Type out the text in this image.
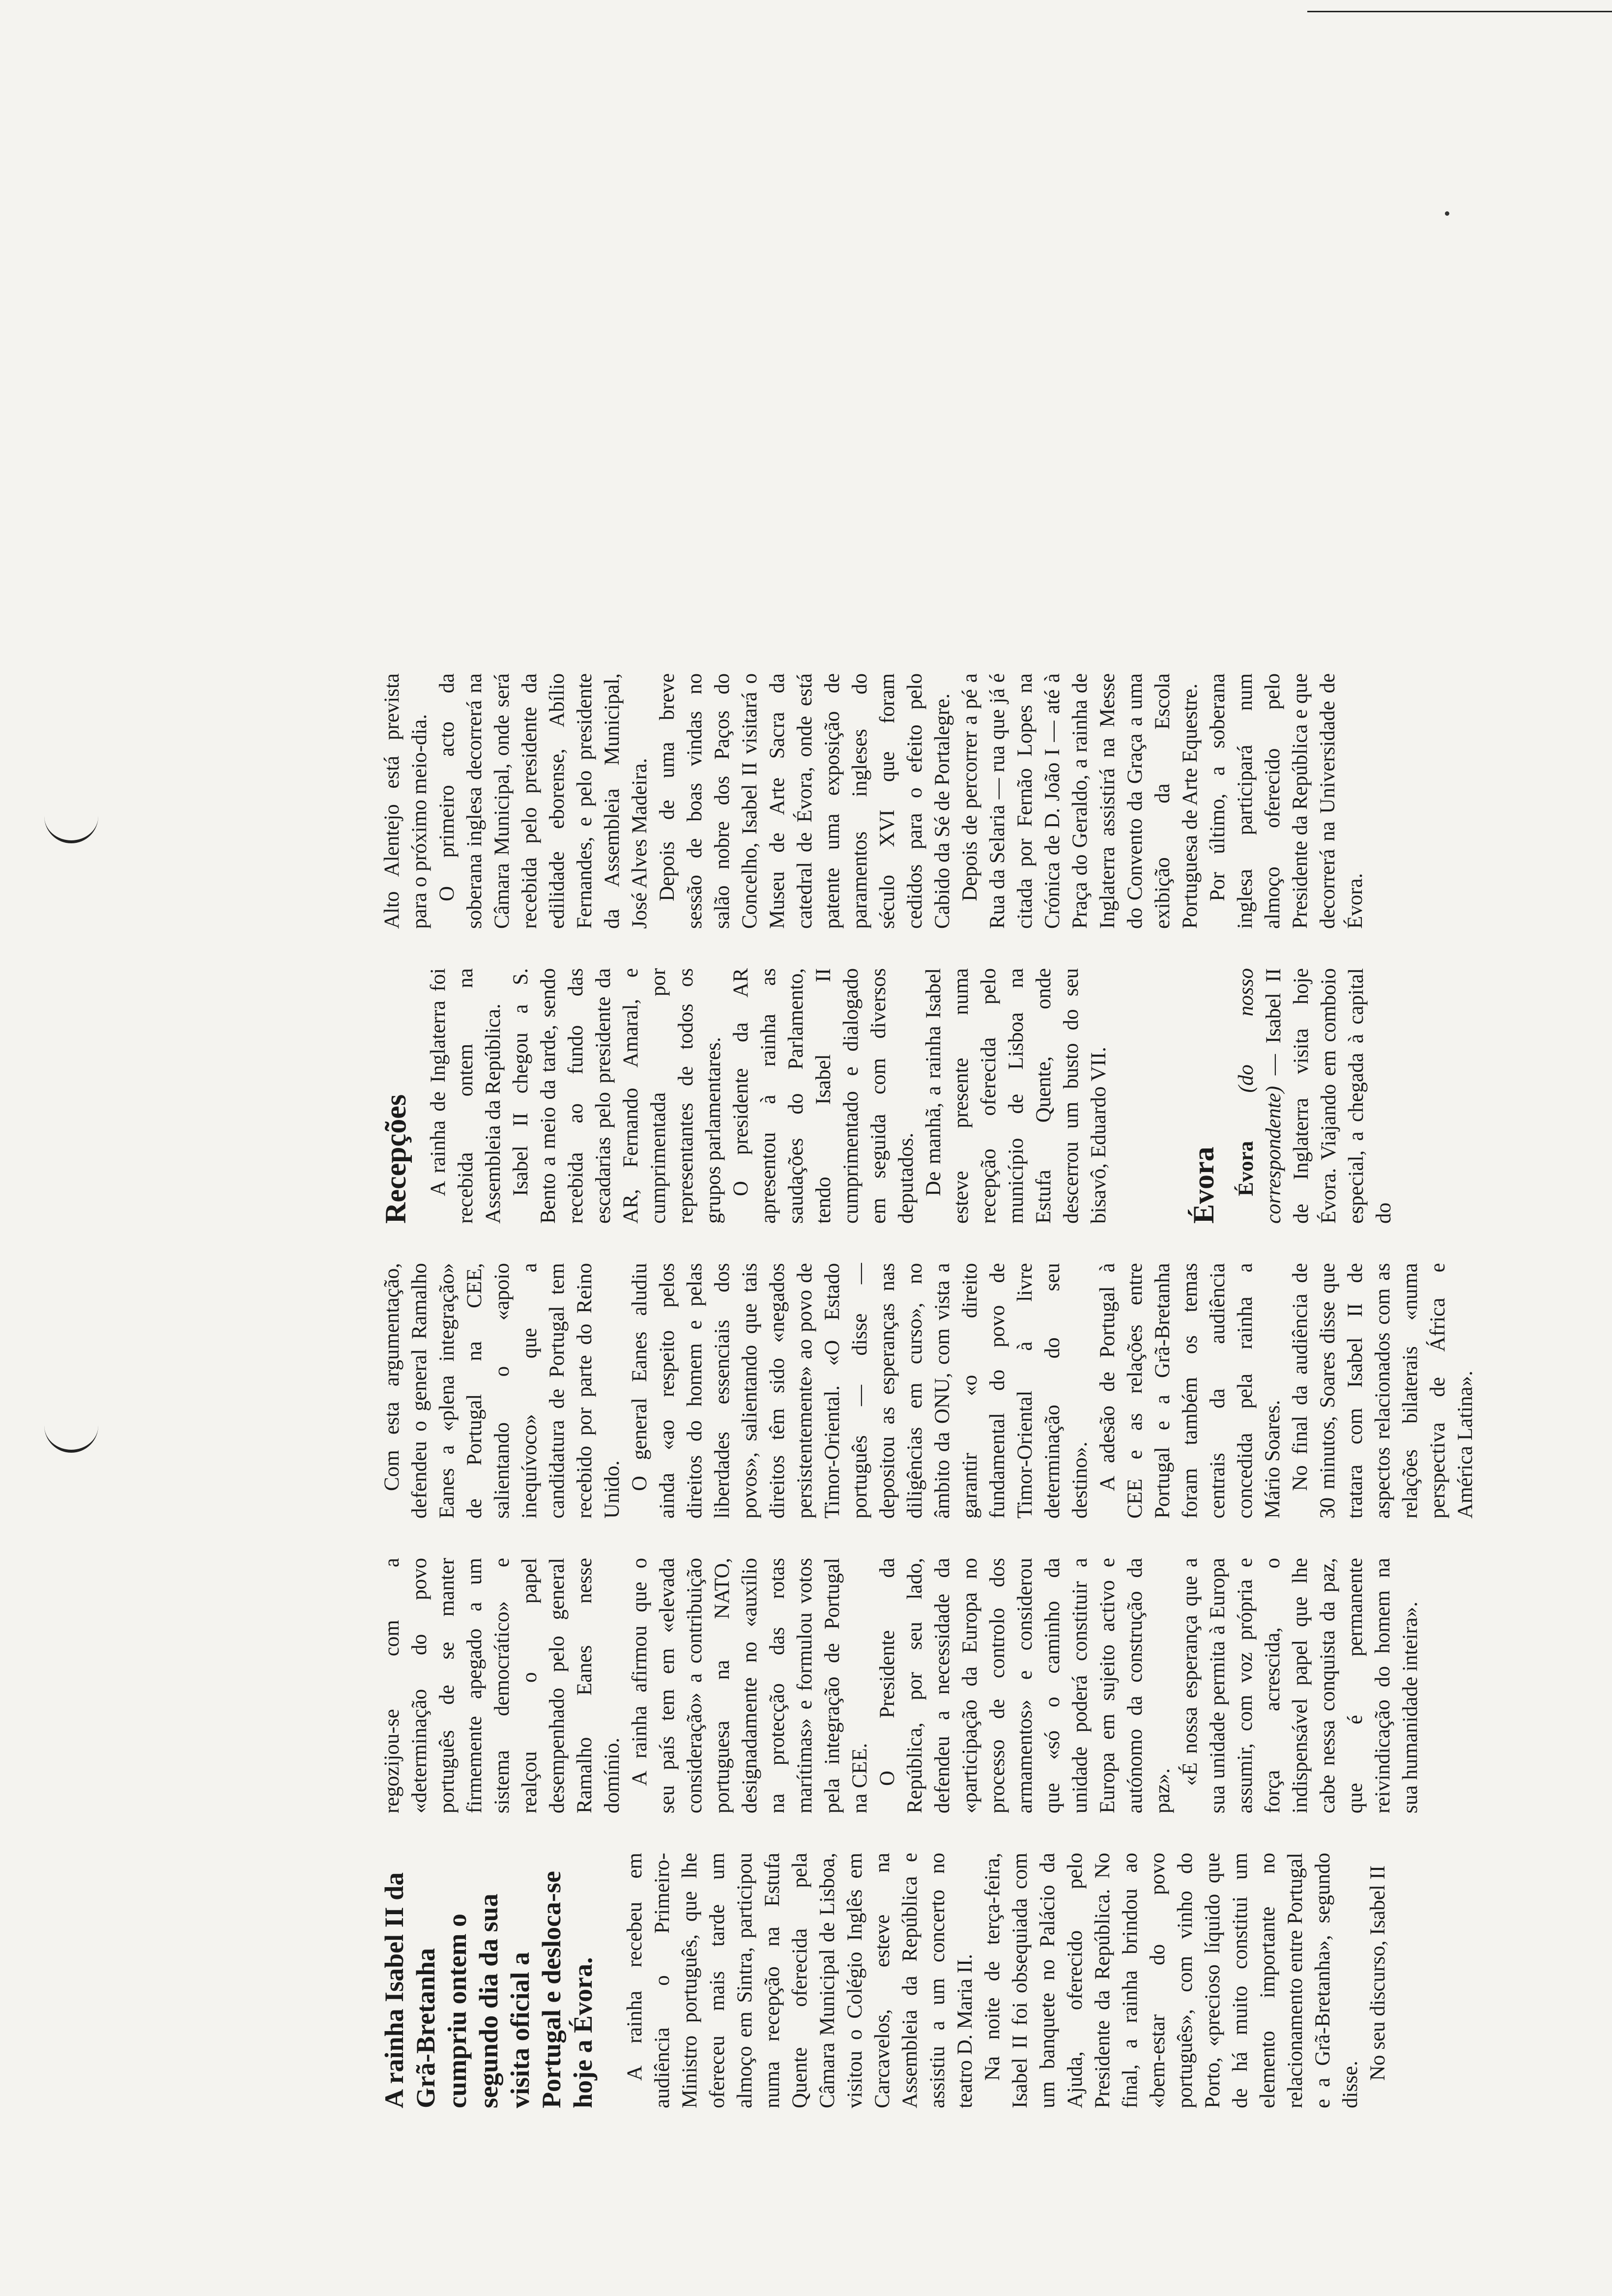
A rainha Isabel II da Grã-Bretanha cumpriu ontem o segundo dia da sua visita oficial a Portugal e desloca-se hoje a Évora. A rainha recebeu em audiência o Primeiro-Ministro português, que lhe ofereceu mais tarde um almoço em Sintra, participou numa recepção na Estufa Quente oferecida pela Câmara Municipal de Lisboa, visitou o Colégio Inglês em Carcavelos, esteve na Assembleia da República e assistiu a um concerto no teatro D. Maria II. Na noite de terça-feira, Isabel II foi obsequiada com um banquete no Palácio da Ajuda, oferecido pelo Presidente da República. No final, a rainha brindou ao «bem-estar do povo português», com vinho do Porto, «precioso líquido que de há muito constitui um elemento importante no relacionamento entre Portugal e a Grã-Bretanha», segundo disse.

No seu discurso, Isabel II

regozijou-se com a «determinação do povo português de se manter firmemente apegado a um sistema democrático» e realçou o papel desempenhado pelo general Ramalho Eanes nesse domínio. A rainha afirmou que o seu país tem em «elevada consideração» a contribuição portuguesa na NATO, designadamente no «auxílio na protecção das rotas marítimas» e formulou votos pela integração de Portugal na CEE. O Presidente da República, por seu lado, defendeu a necessidade da «participação da Europa no processo de controlo dos armamentos» e considerou que «só o caminho da unidade poderá constituir a Europa em sujeito activo e autónomo da construção da paz».

«É nossa esperança que a sua unidade permita à Europa assumir, com voz própria e força acrescida, o indispensável papel que lhe cabe nessa conquista da paz, que é permanente reivindicação do homem na sua humanidade inteira».

Com esta argumentação, defendeu o general Ramalho Eanes a «plena integração» de Portugal na CEE, salientando o «apoio inequívoco» que a candidatura de Portugal tem recebido por parte do Reino Unido. O general Eanes aludiu ainda «ao respeito pelos direitos do homem e pelas liberdades essenciais dos povos», salientando que tais direitos têm sido «negados persistentemente» ao povo de Timor-Oriental. «O Estado português — disse — depositou as esperanças nas diligências em curso», no âmbito da ONU, com vista a garantir «o direito fundamental do povo de Timor-Oriental à livre determinação do seu destino». A adesão de Portugal à CEE e as relações entre Portugal e a Grã-Bretanha foram também os temas centrais da audiência concedida pela rainha a Mário Soares. No final da audiência de 30 minutos, Soares disse que tratara com Isabel II de aspectos relacionados com as relações bilaterais «numa perspectiva de África e América Latina».

Recepções A rainha de Inglaterra foi recebida ontem na Assembleia da República. Isabel II chegou a S. Bento a meio da tarde, sendo recebida ao fundo das escadarias pelo presidente da AR, Fernando Amaral, e cumprimentada por representantes de todos os grupos parlamentares. O presidente da AR apresentou à rainha as saudações do Parlamento, tendo Isabel II cumprimentado e dialogado em seguida com diversos deputados. De manhã, a rainha Isabel esteve presente numa recepção oferecida pelo município de Lisboa na Estufa Quente, onde descerrou um busto do seu bisavô, Eduardo VII.	Évora Évora (do nosso correspondente) — Isabel II de Inglaterra visita hoje Évora. Viajando em comboio especial, a chegada à capital do

Alto Alentejo está prevista para o próximo meio-dia. O primeiro acto da soberana inglesa decorrerá na Câmara Municipal, onde será recebida pelo presidente da edilidade eborense, Abílio Fernandes, e pelo presidente da Assembleia Municipal, José Alves Madeira. Depois de uma breve sessão de boas vindas no salão nobre dos Paços do Concelho, Isabel II visitará o Museu de Arte Sacra da catedral de Évora, onde está patente uma exposição de paramentos ingleses do século XVI que foram cedidos para o efeito pelo Cabido da Sé de Portalegre. Depois de percorrer a pé a Rua da Selaria — rua que já é citada por Fernão Lopes na Crónica de D. João I — até à Praça do Geraldo, a rainha de Inglaterra assistirá na Messe do Convento da Graça a uma exibição da Escola Portuguesa de Arte Equestre. Por último, a soberana inglesa participará num almoço oferecido pelo Presidente da República e que decorrerá na Universidade de Évora.
